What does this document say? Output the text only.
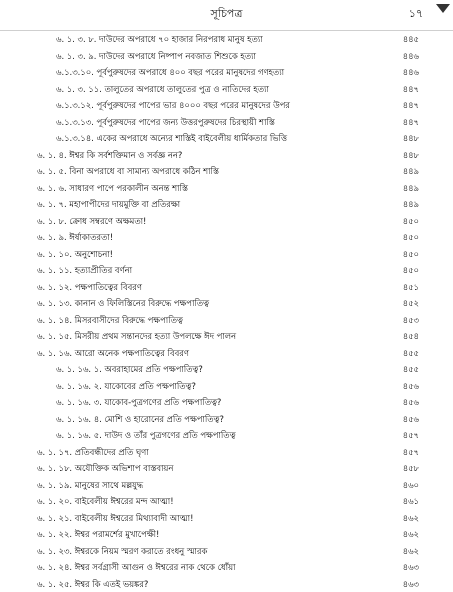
সূচিপত্র	১৭
৬. ১. ৩. ৮. দাউদের অপরাধে ৭০ হাজার নিরপরাধ মানুষ হত্যা	৪৪৫
৬. ১. ৩. ৯. দাউদের অপরাধে নিষ্পাপ নবজাত শিশুকে হত্যা	৪৪৬
৬.১.৩.১০. পূর্বপুরুষদের অপরাধে ৪০০ বছর পরের মানুষদের গণহত্যা	৪৪৬
৬. ১. ৩. ১১. তালুতের অপরাধে তালুতের পুত্র ও নাতিদের হত্যা	৪৪৭
৬.১.৩.১২. পূর্বপুরুষদের পাপের ভার ৪০০০ বছর পরের মানুষদের উপর	৪৪৭
৬.১.৩.১৩. পূর্বপুরুষদের পাপের জন্য উত্তরপুরুষদের চিরস্থায়ী শাস্তি	৪৪৭
৬.১.৩.১৪. একের অপরাধে অন্যের শাস্তিই বাইবেলীয় ধার্মিকতার ভিত্তি	৪৪৮
৬. ১. ৪. ঈশ্বর কি সর্বশক্তিমান ও সর্বজ্ঞ নন?	৪৪৮
৬. ১. ৫. বিনা অপরাধে বা সামান্য অপরাধে কঠিন শাস্তি	৪৪৯
৬. ১. ৬. সাধারণ পাপে পরকালীন অনন্ত শাস্তি	৪৪৯
৬. ১. ৭. মহাপাপীদের দায়মুক্তি বা প্রতিরক্ষা	৪৪৯
৬. ১. ৮. ক্রোধ সম্বরণে অক্ষমতা!	৪৫০
৬. ১. ৯. ঈর্ষাকাতরতা!	৪৫০
৬. ১. ১০. অনুশোচনা!	৪৫০
৬. ১. ১১. হত্যাপ্রীতির বর্ণনা	৪৫০
৬. ১. ১২. পক্ষপাতিত্বের বিবরণ	৪৫১
৬. ১. ১৩. কানান ও ফিলিস্তিনের বিরুদ্ধে পক্ষপাতিত্ব	৪৫২
৬. ১. ১৪. মিসরবাসীদের বিরুদ্ধে পক্ষপাতিত্ব	৪৫৩
৬. ১. ১৫. মিসরীয় প্রথম সন্তানদের হত্যা উপলক্ষে ঈদ পালন	৪৫৪
৬. ১. ১৬. আরো অনেক পক্ষপাতিত্বের বিবরণ	৪৫৫
৬. ১. ১৬. ১. অবরাহামের প্রতি পক্ষপাতিত্ব?	৪৫৫
৬. ১. ১৬. ২. যাকোবের প্রতি পক্ষপাতিত্ব?	৪৫৬
৬. ১. ১৬. ৩. যাকোব-পুত্রগণের প্রতি পক্ষপাতিত্ব?	৪৫৬
৬. ১. ১৬. ৪. মোশি ও হারোনের প্রতি পক্ষপাতিত্ব?	৪৫৬
৬. ১. ১৬. ৫. দাউদ ও তাঁর পুত্রগণের প্রতি পক্ষপাতিত্ব	৪৫৭
৬. ১. ১৭. প্রতিবন্ধীদের প্রতি ঘৃণা	৪৫৭
৬. ১. ১৮. অযৌক্তিক অভিশাপ বাস্তবায়ন	৪৫৮
৬. ১. ১৯. মানুষের সাথে মল্লযুদ্ধ	৪৬০
৬. ১. ২০. বাইবেলীয় ঈশ্বরের মন্দ আত্মা!	৪৬১
৬. ১. ২১. বাইবেলীয় ঈশ্বরের মিথ্যাবাদী আত্মা!	৪৬২
৬. ১. ২২. ঈশ্বর পরামর্শের মুখাপেক্ষী!	৪৬২
৬. ১. ২৩. ঈশ্বরকে নিয়ম স্মরণ করাতে রংধনু স্মারক	৪৬২
৬. ১. ২৪. ঈশ্বর সর্বগ্রাসী আগুন ও ঈশ্বরের নাক থেকে ধোঁয়া	৪৬৩
৬. ১. ২৫. ঈশ্বর কি এতই ভয়ঙ্কর?	৪৬৩
